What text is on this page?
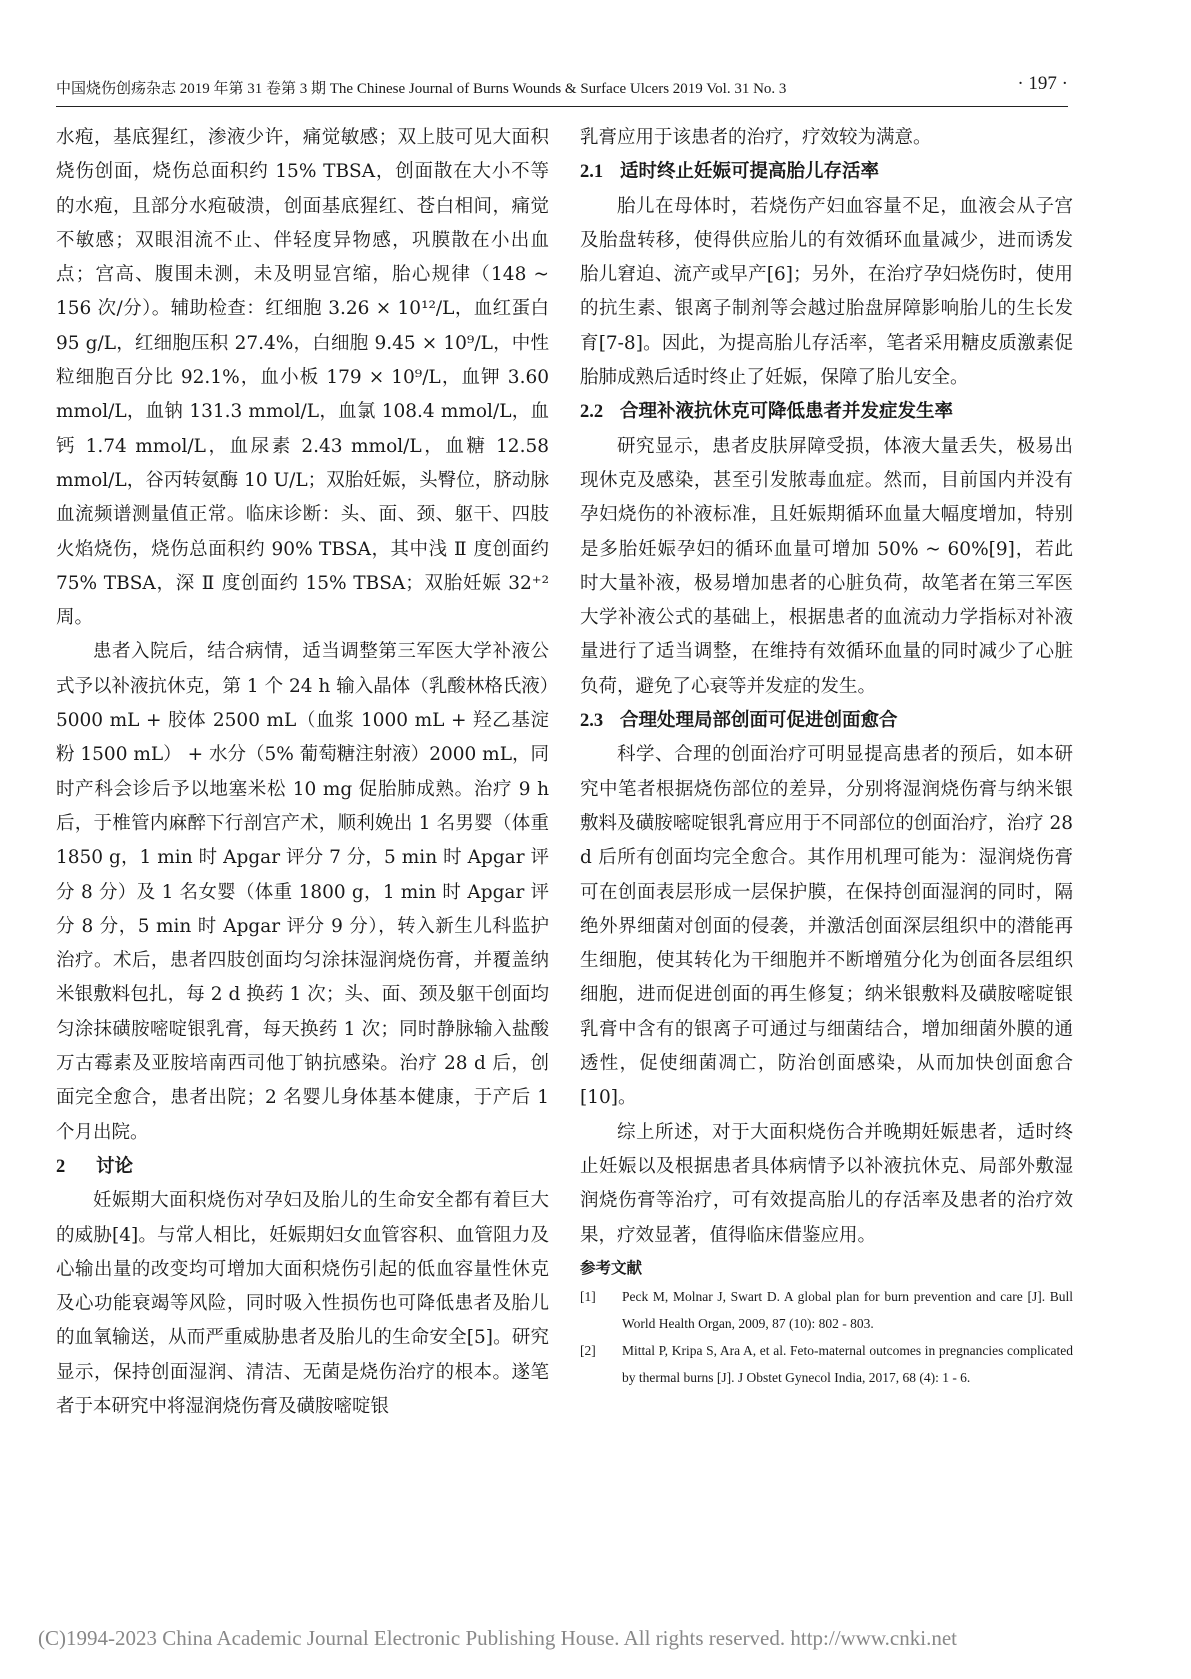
中国烧伤创疡杂志 2019 年第 31 卷第 3 期 The Chinese Journal of Burns Wounds & Surface Ulcers 2019 Vol. 31 No. 3	· 197 ·

水疱，基底猩红，渗液少许，痛觉敏感；双上肢可见大面积烧伤创面，烧伤总面积约 15% TBSA，创面散在大小不等的水疱，且部分水疱破溃，创面基底猩红、苍白相间，痛觉不敏感；双眼泪流不止、伴轻度异物感，巩膜散在小出血点；宫高、腹围未测，未及明显宫缩，胎心规律（148 ~ 156 次/分）。辅助检查：红细胞 3.26 × 10¹²/L，血红蛋白 95 g/L，红细胞压积 27.4%，白细胞 9.45 × 10⁹/L，中性粒细胞百分比 92.1%，血小板 179 × 10⁹/L，血钾 3.60 mmol/L，血钠 131.3 mmol/L，血氯 108.4 mmol/L，血钙 1.74 mmol/L，血尿素 2.43 mmol/L，血糖 12.58 mmol/L，谷丙转氨酶 10 U/L；双胎妊娠，头臀位，脐动脉血流频谱测量值正常。临床诊断：头、面、颈、躯干、四肢火焰烧伤，烧伤总面积约 90% TBSA，其中浅 Ⅱ 度创面约 75% TBSA，深 Ⅱ 度创面约 15% TBSA；双胎妊娠 32⁺² 周。

患者入院后，结合病情，适当调整第三军医大学补液公式予以补液抗休克，第 1 个 24 h 输入晶体（乳酸林格氏液）5000 mL + 胶体 2500 mL（血浆 1000 mL + 羟乙基淀粉 1500 mL） + 水分（5% 葡萄糖注射液）2000 mL，同时产科会诊后予以地塞米松 10 mg 促胎肺成熟。治疗 9 h 后，于椎管内麻醉下行剖宫产术，顺利娩出 1 名男婴（体重 1850 g，1 min 时 Apgar 评分 7 分，5 min 时 Apgar 评分 8 分）及 1 名女婴（体重 1800 g，1 min 时 Apgar 评分 8 分，5 min 时 Apgar 评分 9 分），转入新生儿科监护治疗。术后，患者四肢创面均匀涂抹湿润烧伤膏，并覆盖纳米银敷料包扎，每 2 d 换药 1 次；头、面、颈及躯干创面均匀涂抹磺胺嘧啶银乳膏，每天换药 1 次；同时静脉输入盐酸万古霉素及亚胺培南西司他丁钠抗感染。治疗 28 d 后，创面完全愈合，患者出院；2 名婴儿身体基本健康，于产后 1 个月出院。

2 讨论

妊娠期大面积烧伤对孕妇及胎儿的生命安全都有着巨大的威胁[4]。与常人相比，妊娠期妇女血管容积、血管阻力及心输出量的改变均可增加大面积烧伤引起的低血容量性休克及心功能衰竭等风险，同时吸入性损伤也可降低患者及胎儿的血氧输送，从而严重威胁患者及胎儿的生命安全[5]。研究显示，保持创面湿润、清洁、无菌是烧伤治疗的根本。遂笔者于本研究中将湿润烧伤膏及磺胺嘧啶银

乳膏应用于该患者的治疗，疗效较为满意。

2.1 适时终止妊娠可提高胎儿存活率

胎儿在母体时，若烧伤产妇血容量不足，血液会从子宫及胎盘转移，使得供应胎儿的有效循环血量减少，进而诱发胎儿窘迫、流产或早产[6]；另外，在治疗孕妇烧伤时，使用的抗生素、银离子制剂等会越过胎盘屏障影响胎儿的生长发育[7-8]。因此，为提高胎儿存活率，笔者采用糖皮质激素促胎肺成熟后适时终止了妊娠，保障了胎儿安全。

2.2 合理补液抗休克可降低患者并发症发生率

研究显示，患者皮肤屏障受损，体液大量丢失，极易出现休克及感染，甚至引发脓毒血症。然而，目前国内并没有孕妇烧伤的补液标准，且妊娠期循环血量大幅度增加，特别是多胎妊娠孕妇的循环血量可增加 50% ~ 60%[9]，若此时大量补液，极易增加患者的心脏负荷，故笔者在第三军医大学补液公式的基础上，根据患者的血流动力学指标对补液量进行了适当调整，在维持有效循环血量的同时减少了心脏负荷，避免了心衰等并发症的发生。

2.3 合理处理局部创面可促进创面愈合

科学、合理的创面治疗可明显提高患者的预后，如本研究中笔者根据烧伤部位的差异，分别将湿润烧伤膏与纳米银敷料及磺胺嘧啶银乳膏应用于不同部位的创面治疗，治疗 28 d 后所有创面均完全愈合。其作用机理可能为：湿润烧伤膏可在创面表层形成一层保护膜，在保持创面湿润的同时，隔绝外界细菌对创面的侵袭，并激活创面深层组织中的潜能再生细胞，使其转化为干细胞并不断增殖分化为创面各层组织细胞，进而促进创面的再生修复；纳米银敷料及磺胺嘧啶银乳膏中含有的银离子可通过与细菌结合，增加细菌外膜的通透性，促使细菌凋亡，防治创面感染，从而加快创面愈合[10]。

综上所述，对于大面积烧伤合并晚期妊娠患者，适时终止妊娠以及根据患者具体病情予以补液抗休克、局部外敷湿润烧伤膏等治疗，可有效提高胎儿的存活率及患者的治疗效果，疗效显著，值得临床借鉴应用。

参考文献
[1]	Peck M, Molnar J, Swart D. A global plan for burn prevention and care [J]. Bull World Health Organ, 2009, 87 (10): 802 - 803.
[2]	Mittal P, Kripa S, Ara A, et al. Feto-maternal outcomes in pregnancies complicated by thermal burns [J]. J Obstet Gynecol India, 2017, 68 (4): 1 - 6.
(C)1994-2023 China Academic Journal Electronic Publishing House. All rights reserved. http://www.cnki.net
